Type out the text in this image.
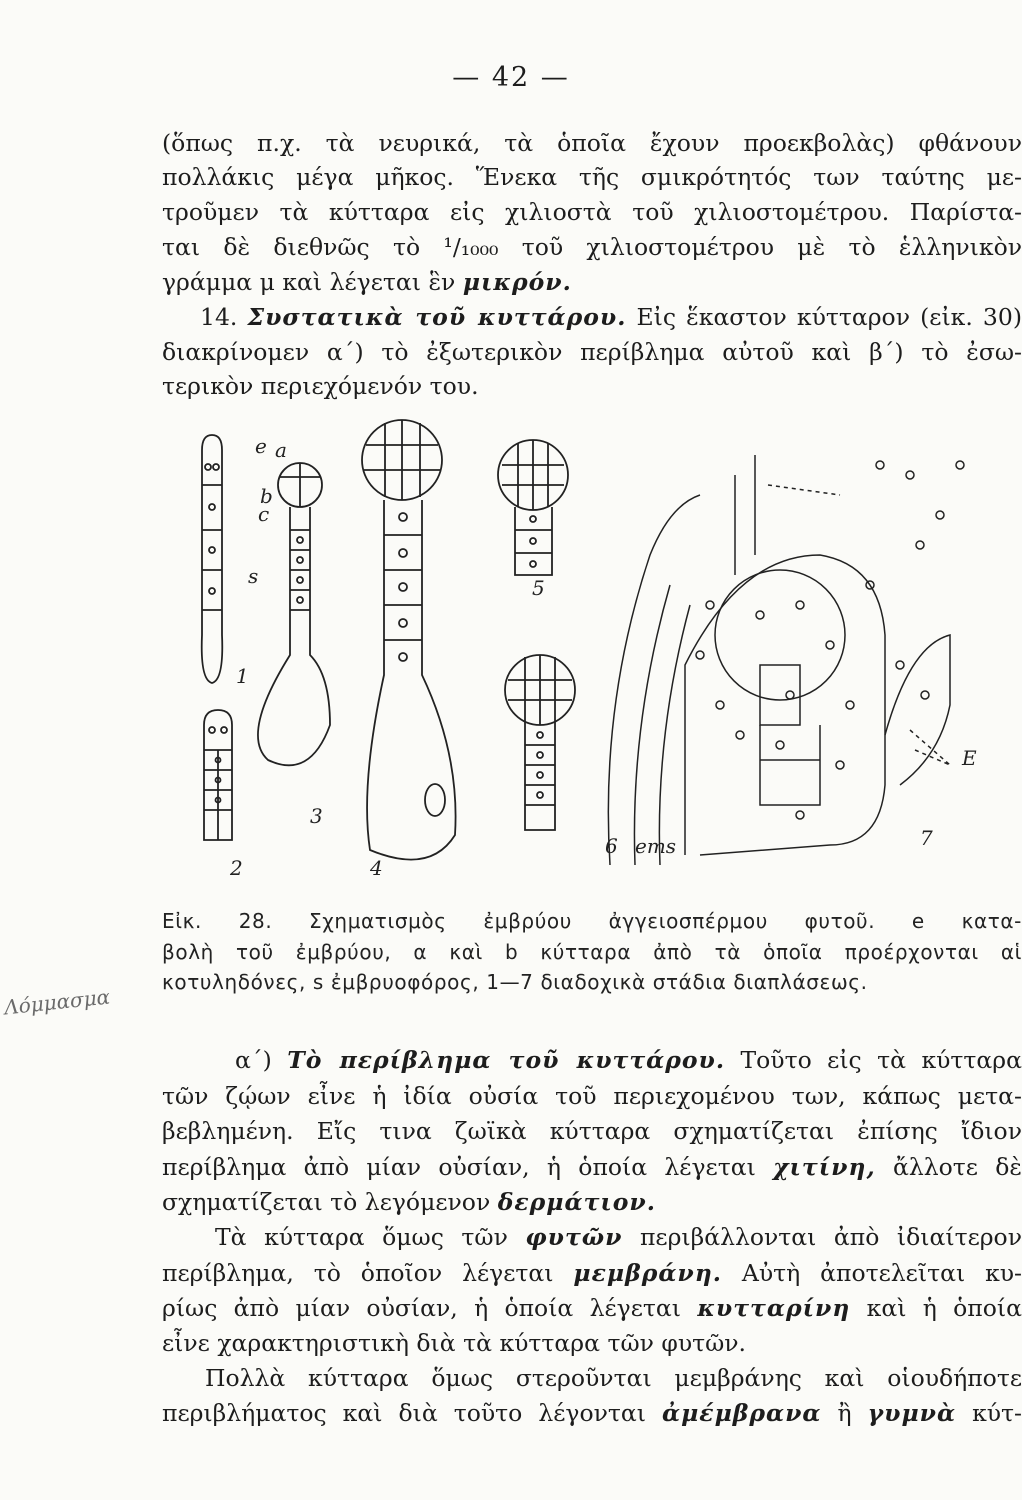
— 42 —
(ὅπως π.χ. τὰ νευρικά, τὰ ὁποῖα ἔχουν προεκβολὰς) φθάνουν
πολλάκις μέγα μῆκος. Ἕνεκα τῆς σμικρότητός των ταύτης με-
τροῦμεν τὰ κύτταρα εἰς χιλιοστὰ τοῦ χιλιοστομέτρου. Παρίστα-
ται δὲ διεθνῶς τὸ ¹/₁₀₀₀ τοῦ χιλιοστομέτρου μὲ τὸ ἑλληνικὸν
γράμμα μ καὶ λέγεται ἓν μικρόν.
14. Συστατικὰ τοῦ κυττάρου. Εἰς ἕκαστον κύτταρον (εἰκ. 30)
διακρίνομεν α΄) τὸ ἐξωτερικὸν περίβλημα αὐτοῦ καὶ β΄) τὸ ἐσω-
τερικὸν περιεχόμενόν του.
e a
b
c
s
ems
E
1
2
3
4
5
6	7
Εἰκ. 28. Σχηματισμὸς ἐμβρύου ἀγγειοσπέρμου φυτοῦ. e κατα-
βολὴ τοῦ ἐμβρύου, α καὶ b κύτταρα ἀπὸ τὰ ὁποῖα προέρχονται αἱ
κοτυληδόνες, s ἐμβρυοφόρος, 1—7 διαδοχικὰ στάδια διαπλάσεως.
Λόμμασμα
α΄) Τὸ περίβλημα τοῦ κυττάρου. Τοῦτο εἰς τὰ κύτταρα
τῶν ζῴων εἶνε ἡ ἰδία οὐσία τοῦ περιεχομένου των, κάπως μετα-
βεβλημένη. Εἴς τινα ζωϊκὰ κύτταρα σχηματίζεται ἐπίσης ἴδιον
περίβλημα ἀπὸ μίαν οὐσίαν, ἡ ὁποία λέγεται χιτίνη, ἄλλοτε δὲ
σχηματίζεται τὸ λεγόμενον δερμάτιον.
Τὰ κύτταρα ὅμως τῶν φυτῶν περιβάλλονται ἀπὸ ἰδιαίτερον
περίβλημα, τὸ ὁποῖον λέγεται μεμβράνη. Αὐτὴ ἀποτελεῖται κυ-
ρίως ἀπὸ μίαν οὐσίαν, ἡ ὁποία λέγεται κυτταρίνη καὶ ἡ ὁποία
εἶνε χαρακτηριστικὴ διὰ τὰ κύτταρα τῶν φυτῶν.
Πολλὰ κύτταρα ὅμως στεροῦνται μεμβράνης καὶ οἱουδήποτε
περιβλήματος καὶ διὰ τοῦτο λέγονται ἀμέμβρανα ἢ γυμνὰ κύτ-
